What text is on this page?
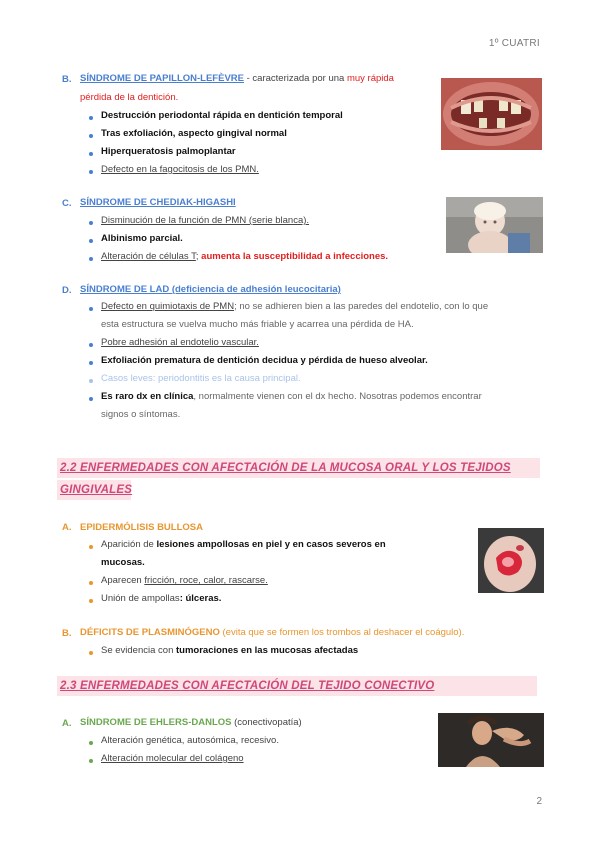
1º CUATRI
B. SÍNDROME DE PAPILLON-LEFÈVRE - caracterizada por una muy rápida
pérdida de la dentición.
Destrucción periodontal rápida en dentición temporal
Tras exfoliación, aspecto gingival normal
Hiperqueratosis palmoplantar
Defecto en la fagocitosis de los PMN.
C. SÍNDROME DE CHEDIAK-HIGASHI
Disminución de la función de PMN (serie blanca).
Albinismo parcial.
Alteración de células T; aumenta la susceptibilidad a infecciones.
D. SÍNDROME DE LAD (deficiencia de adhesión leucocitaria)
Defecto en quimiotaxis de PMN; no se adhieren bien a las paredes del endotelio, con lo que
esta estructura se vuelva mucho más friable y acarrea una pérdida de HA.
Pobre adhesión al endotelio vascular.
Exfoliación prematura de dentición decidua y pérdida de hueso alveolar.
Casos leves: periodontitis es la causa principal.
Es raro dx en clínica, normalmente vienen con el dx hecho. Nosotras podemos encontrar
signos o síntomas.
2.2 ENFERMEDADES CON AFECTACIÓN DE LA MUCOSA ORAL Y LOS TEJIDOS
GINGIVALES
A. EPIDERMÓLISIS BULLOSA
Aparición de lesiones ampollosas en piel y en casos severos en
mucosas.
Aparecen fricción, roce, calor, rascarse.
Unión de ampollas: úlceras.
B. DÉFICITS DE PLASMINÓGENO (evita que se formen los trombos al deshacer el coágulo).
Se evidencia con tumoraciones en las mucosas afectadas
2.3 ENFERMEDADES CON AFECTACIÓN DEL TEJIDO CONECTIVO
A. SÍNDROME DE EHLERS-DANLOS (conectivopatía)
Alteración genética, autosómica, recesivo.
Alteración molecular del colágeno
2
